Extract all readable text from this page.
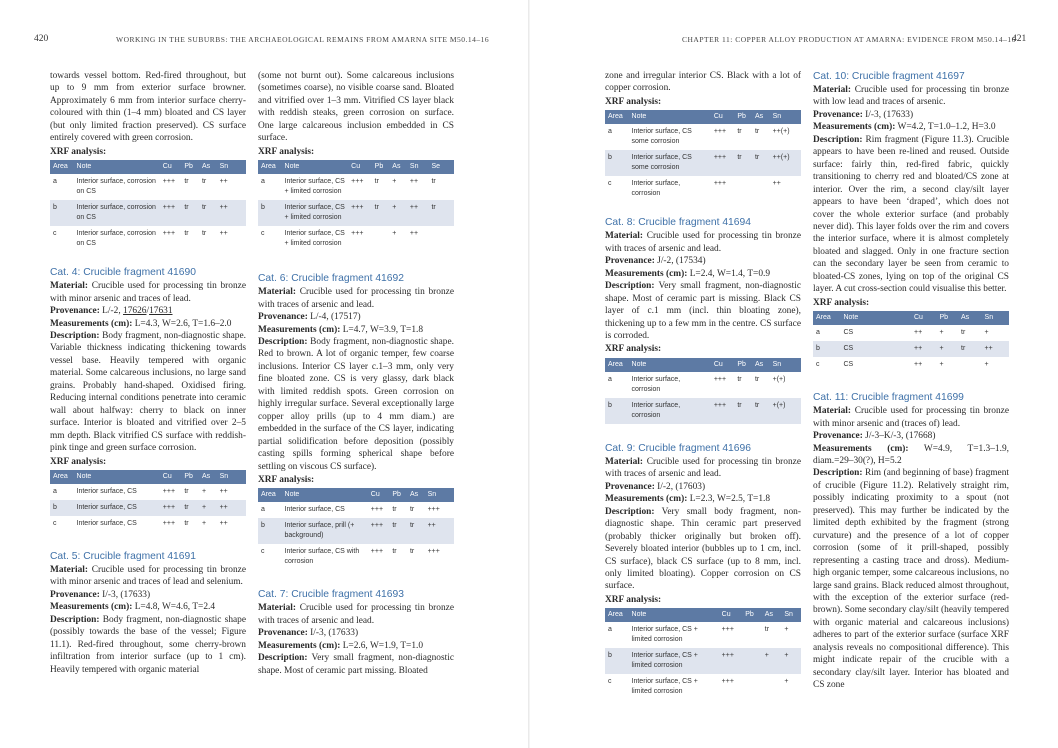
420	WORKING IN THE SUBURBS: THE ARCHAEOLOGICAL REMAINS FROM AMARNA SITE M50.14–16	CHAPTER 11: COPPER ALLOY PRODUCTION AT AMARNA: EVIDENCE FROM M50.14–16
421

towards vessel bottom. Red-fired throughout, but up to 9 mm from exterior surface browner. Approximately 6 mm from interior surface cherry-coloured with thin (1–4 mm) bloated and CS layer (but only limited fraction preserved). CS surface entirely covered with green corrosion.

XRF analysis:
Area	Note	Cu	Pb	As	Sn
a	Interior surface, corrosion on CS	+++	tr	tr	++
b	Interior surface, corrosion on CS	+++	tr	tr	++
c	Interior surface, corrosion on CS	+++	tr	tr	++
Cat. 4: Crucible fragment 41690

Material: Crucible used for processing tin bronze with minor arsenic and traces of lead.
Provenance: L/-2, 17626/17631
Measurements (cm): L=4.3, W=2.6, T=1.6–2.0
Description: Body fragment, non-diagnostic shape. Variable thickness indicating thickening towards vessel base. Heavily tempered with organic material. Some calcareous inclusions, no large sand grains. Probably hand-shaped. Oxidised firing. Reducing internal conditions penetrate into ceramic wall about halfway: cherry to black on inner surface. Interior is bloated and vitrified over 2–5 mm depth. Black vitrified CS surface with reddish-pink tinge and green surface corrosion.

XRF analysis:
Area	Note	Cu	Pb	As	Sn
a	Interior surface, CS	+++	tr	+	++
b	Interior surface, CS	+++	tr	+	++
c	Interior surface, CS	+++	tr	+	++
Cat. 5: Crucible fragment 41691

Material: Crucible used for processing tin bronze with minor arsenic and traces of lead and selenium.
Provenance: I/-3, (17633)
Measurements (cm): L=4.8, W=4.6, T=2.4
Description: Body fragment, non-diagnostic shape (possibly towards the base of the vessel; Figure 11.1). Red-fired throughout, some cherry-brown infiltration from interior surface (up to 1 cm). Heavily tempered with organic material

(some not burnt out). Some calcareous inclusions (sometimes coarse), no visible coarse sand. Bloated and vitrified over 1–3 mm. Vitrified CS layer black with reddish steaks, green corrosion on surface. One large calcareous inclusion embedded in CS surface.

XRF analysis:
Area	Note	Cu	Pb	As	Sn	Se
a	Interior surface, CS + limited corrosion	+++	tr	+	++	tr
b	Interior surface, CS + limited corrosion	+++	tr	+	++	tr
c	Interior surface, CS + limited corrosion	+++		+	++	
Cat. 6: Crucible fragment 41692

Material: Crucible used for processing tin bronze with traces of arsenic and lead.
Provenance: L/-4, (17517)
Measurements (cm): L=4.7, W=3.9, T=1.8
Description: Body fragment, non-diagnostic shape. Red to brown. A lot of organic temper, few coarse inclusions. Interior CS layer c.1–3 mm, only very fine bloated zone. CS is very glassy, dark black with limited reddish spots. Green corrosion on highly irregular surface. Several exceptionally large copper alloy prills (up to 4 mm diam.) are embedded in the surface of the CS layer, indicating partial solidification before deposition (possibly casting spills forming spherical shape before settling on viscous CS surface).

XRF analysis:
Area	Note	Cu	Pb	As	Sn
a	Interior surface, CS	+++	tr	tr	+++
b	Interior surface, prill (+ background)	+++	tr	tr	++
c	Interior surface, CS with corrosion	+++	tr	tr	+++
Cat. 7: Crucible fragment 41693

Material: Crucible used for processing tin bronze with traces of arsenic and lead.
Provenance: I/-3, (17633)
Measurements (cm): L=2.6, W=1.9, T=1.0
Description: Very small fragment, non-diagnostic shape. Most of ceramic part missing. Bloated

zone and irregular interior CS. Black with a lot of copper corrosion.

XRF analysis:
Area	Note	Cu	Pb	As	Sn
a	Interior surface, CS some corrosion	+++	tr	tr	++(+)
b	Interior surface, CS some corrosion	+++	tr	tr	++(+)
c	Interior surface, corrosion	+++			++
Cat. 8: Crucible fragment 41694

Material: Crucible used for processing tin bronze with traces of arsenic and lead.
Provenance: J/-2, (17534)
Measurements (cm): L=2.4, W=1.4, T=0.9
Description: Very small fragment, non-diagnostic shape. Most of ceramic part is missing. Black CS layer of c.1 mm (incl. thin bloating zone), thickening up to a few mm in the centre. CS surface is corroded.

XRF analysis:
Area	Note	Cu	Pb	As	Sn
a	Interior surface, corrosion	+++	tr	tr	+(+)
b	Interior surface, corrosion	+++	tr	tr	+(+)
Cat. 9: Crucible fragment 41696

Material: Crucible used for processing tin bronze with traces of arsenic and lead.
Provenance: I/-2, (17603)
Measurements (cm): L=2.3, W=2.5, T=1.8
Description: Very small body fragment, non-diagnostic shape. Thin ceramic part preserved (probably thicker originally but broken off). Severely bloated interior (bubbles up to 1 cm, incl. CS surface), black CS surface (up to 8 mm, incl. only limited bloating). Copper corrosion on CS surface.

XRF analysis:
Area	Note	Cu	Pb	As	Sn
a	Interior surface, CS + limited corrosion	+++		tr	+
b	Interior surface, CS + limited corrosion	+++		+	+
c	Interior surface, CS + limited corrosion	+++			+
Cat. 10: Crucible fragment 41697

Material: Crucible used for processing tin bronze with low lead and traces of arsenic.
Provenance: I/-3, (17633)
Measurements (cm): W=4.2, T=1.0–1.2, H=3.0
Description: Rim fragment (Figure 11.3). Crucible appears to have been re-lined and reused. Outside surface: fairly thin, red-fired fabric, quickly transitioning to cherry red and bloated/CS zone at interior. Over the rim, a second clay/silt layer appears to have been ‘draped’, which does not cover the whole exterior surface (and probably never did). This layer folds over the rim and covers the interior surface, where it is almost completely bloated and slagged. Only in one fracture section can the secondary layer be seen from ceramic to bloated-CS zones, lying on top of the original CS layer. A cut cross-section could visualise this better.

XRF analysis:
Area	Note	Cu	Pb	As	Sn
a	CS	++	+	tr	+
b	CS	++	+	tr	++
c	CS	++	+		+
Cat. 11: Crucible fragment 41699

Material: Crucible used for processing tin bronze with minor arsenic and (traces of) lead.
Provenance: J/-3–K/-3, (17668)
Measurements (cm): W=4.9, T=1.3–1.9, diam.=29–30(?), H=5.2
Description: Rim (and beginning of base) fragment of crucible (Figure 11.2). Relatively straight rim, possibly indicating proximity to a spout (not preserved). This may further be indicated by the limited depth exhibited by the fragment (strong curvature) and the presence of a lot of copper corrosion (some of it prill-shaped, possibly representing a casting trace and dross). Medium-high organic temper, some calcareous inclusions, no large sand grains. Black reduced almost throughout, with the exception of the exterior surface (red-brown). Some secondary clay/silt (heavily tempered with organic material and calcareous inclusions) adheres to part of the exterior surface (surface XRF analysis reveals no compositional difference). This might indicate repair of the crucible with a secondary clay/silt layer. Interior has bloated and CS zone
